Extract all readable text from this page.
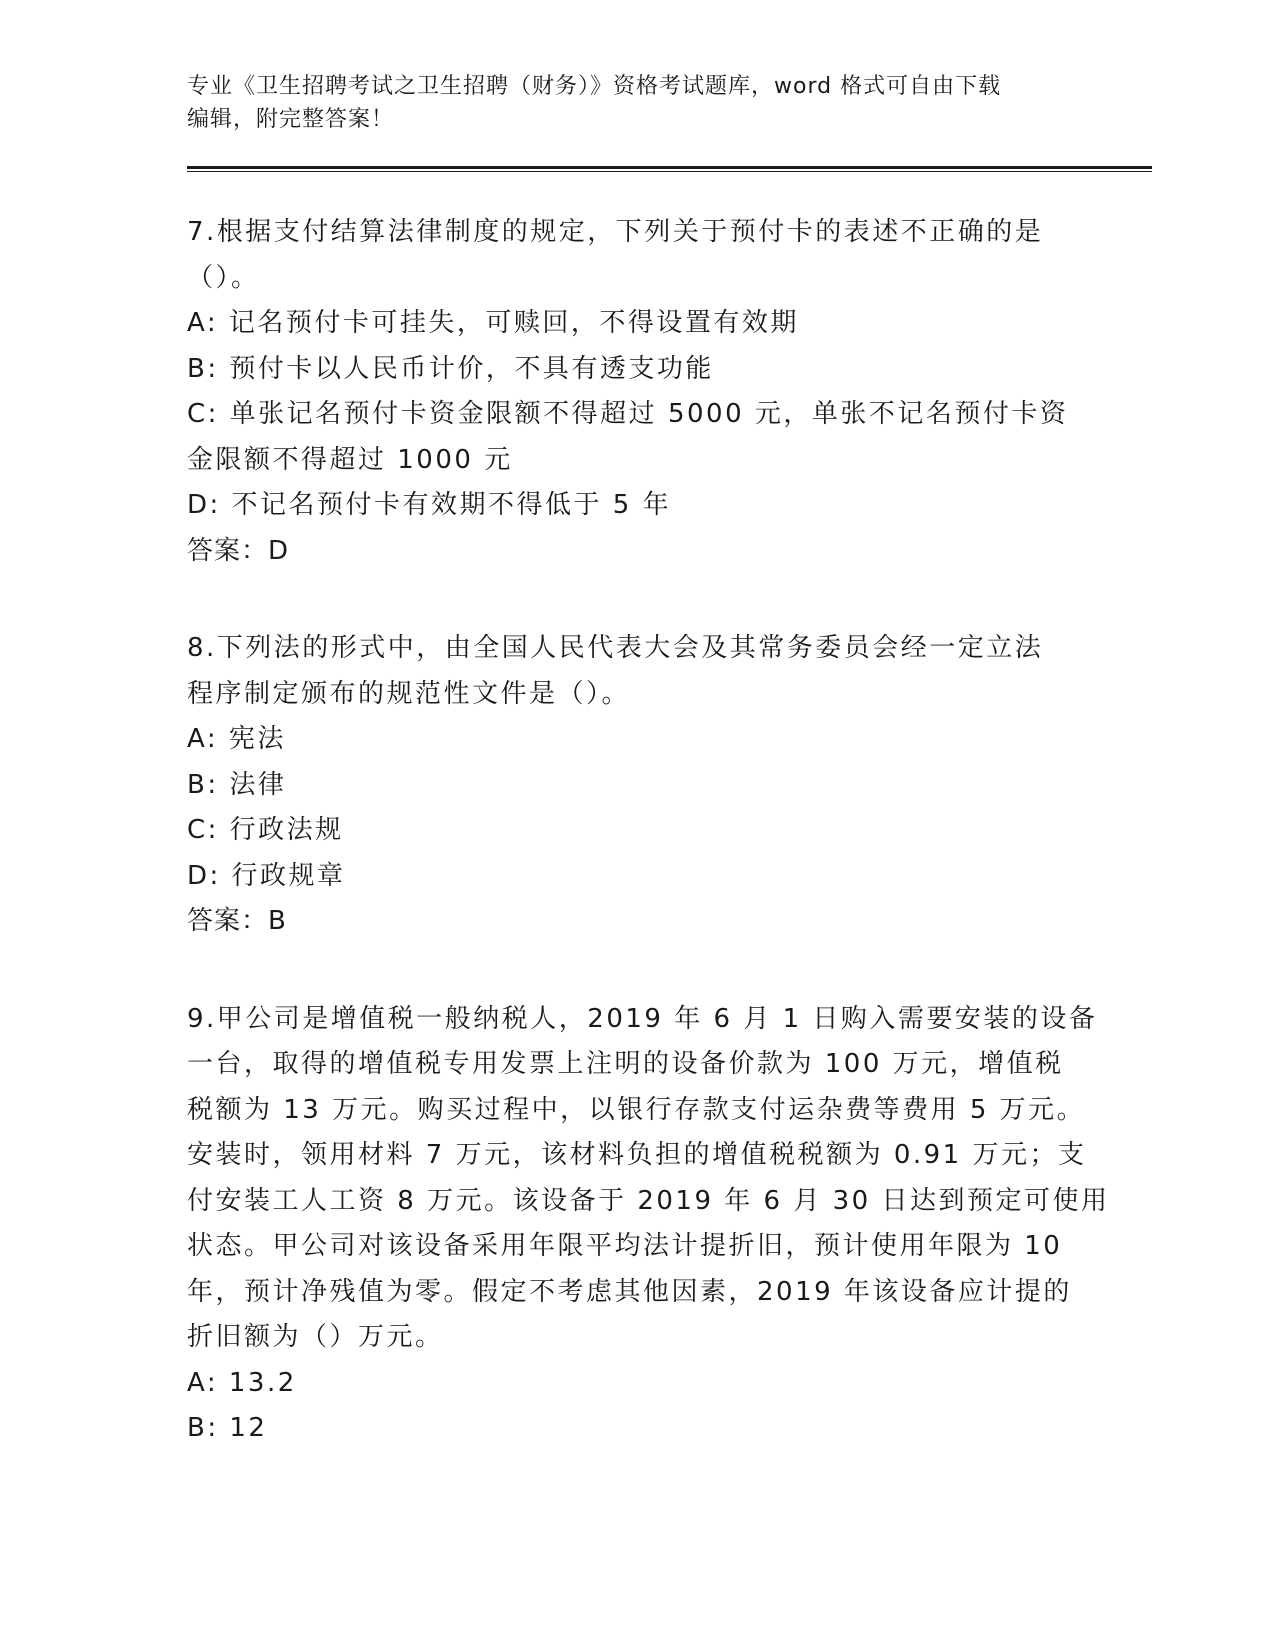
专业《卫生招聘考试之卫生招聘（财务）》资格考试题库，word 格式可自由下载
编辑，附完整答案！
7.根据支付结算法律制度的规定，下列关于预付卡的表述不正确的是
（）。
A: 记名预付卡可挂失，可赎回，不得设置有效期
B: 预付卡以人民币计价，不具有透支功能
C: 单张记名预付卡资金限额不得超过 5000 元，单张不记名预付卡资
金限额不得超过 1000 元
D: 不记名预付卡有效期不得低于 5 年
答案：D
8.下列法的形式中，由全国人民代表大会及其常务委员会经一定立法
程序制定颁布的规范性文件是（）。
A: 宪法
B: 法律
C: 行政法规
D: 行政规章
答案：B
9.甲公司是增值税一般纳税人，2019 年 6 月 1 日购入需要安装的设备
一台，取得的增值税专用发票上注明的设备价款为 100 万元，增值税
税额为 13 万元。购买过程中，以银行存款支付运杂费等费用 5 万元。
安装时，领用材料 7 万元，该材料负担的增值税税额为 0.91 万元；支
付安装工人工资 8 万元。该设备于 2019 年 6 月 30 日达到预定可使用
状态。甲公司对该设备采用年限平均法计提折旧，预计使用年限为 10
年，预计净残值为零。假定不考虑其他因素，2019 年该设备应计提的
折旧额为（）万元。
A: 13.2
B: 12
